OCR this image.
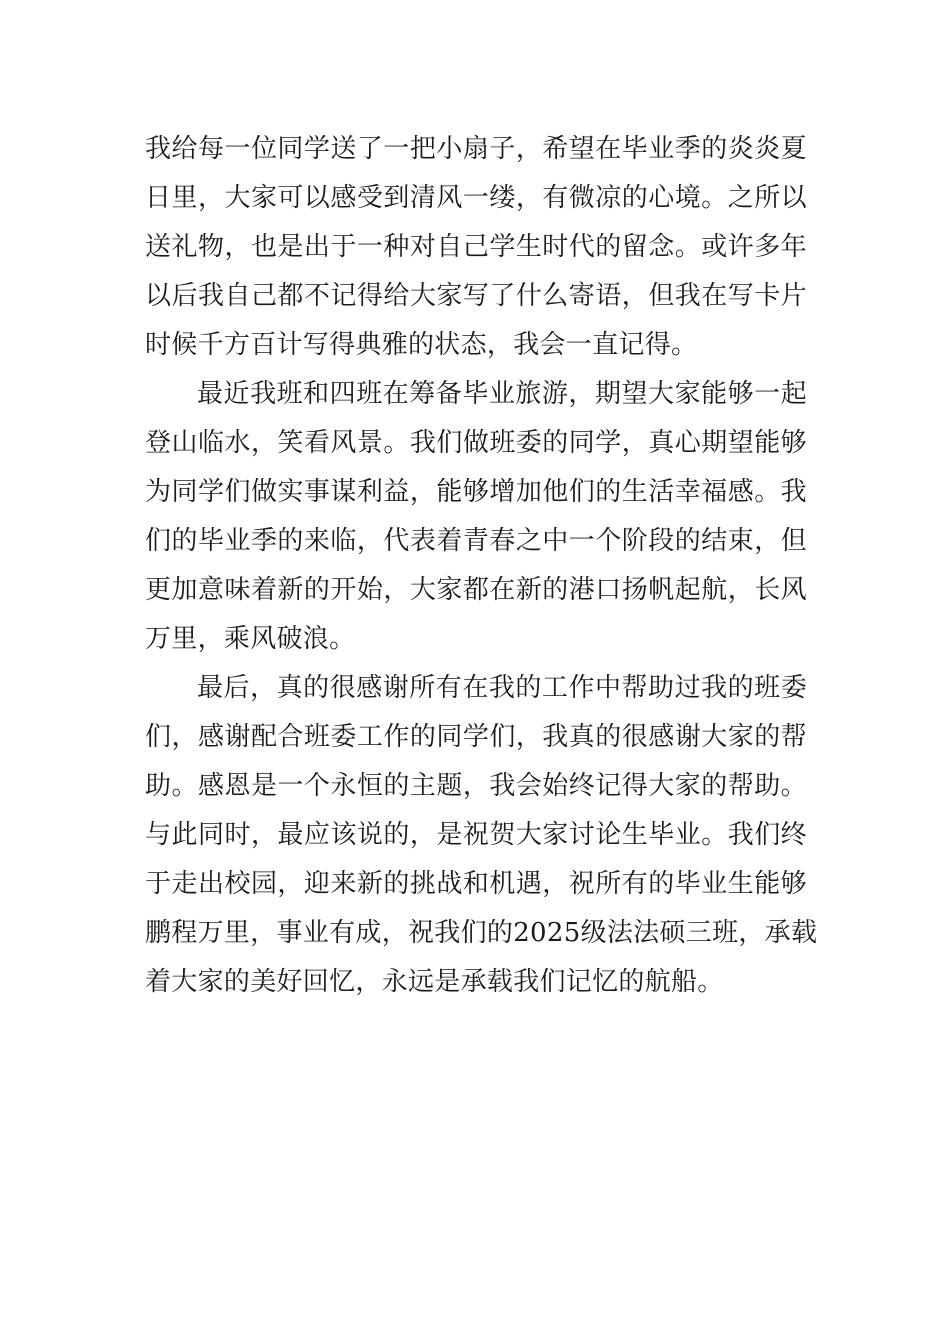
我给每一位同学送了一把小扇子，希望在毕业季的炎炎夏
日里，大家可以感受到清风一缕，有微凉的心境。之所以
送礼物，也是出于一种对自己学生时代的留念。或许多年
以后我自己都不记得给大家写了什么寄语，但我在写卡片
时候千方百计写得典雅的状态，我会一直记得。
最近我班和四班在筹备毕业旅游，期望大家能够一起
登山临水，笑看风景。我们做班委的同学，真心期望能够
为同学们做实事谋利益，能够增加他们的生活幸福感。我
们的毕业季的来临，代表着青春之中一个阶段的结束，但
更加意味着新的开始，大家都在新的港口扬帆起航，长风
万里，乘风破浪。
最后，真的很感谢所有在我的工作中帮助过我的班委
们，感谢配合班委工作的同学们，我真的很感谢大家的帮
助。感恩是一个永恒的主题，我会始终记得大家的帮助。
与此同时，最应该说的，是祝贺大家讨论生毕业。我们终
于走出校园，迎来新的挑战和机遇，祝所有的毕业生能够
鹏程万里，事业有成，祝我们的2025级法法硕三班，承载
着大家的美好回忆，永远是承载我们记忆的航船。
